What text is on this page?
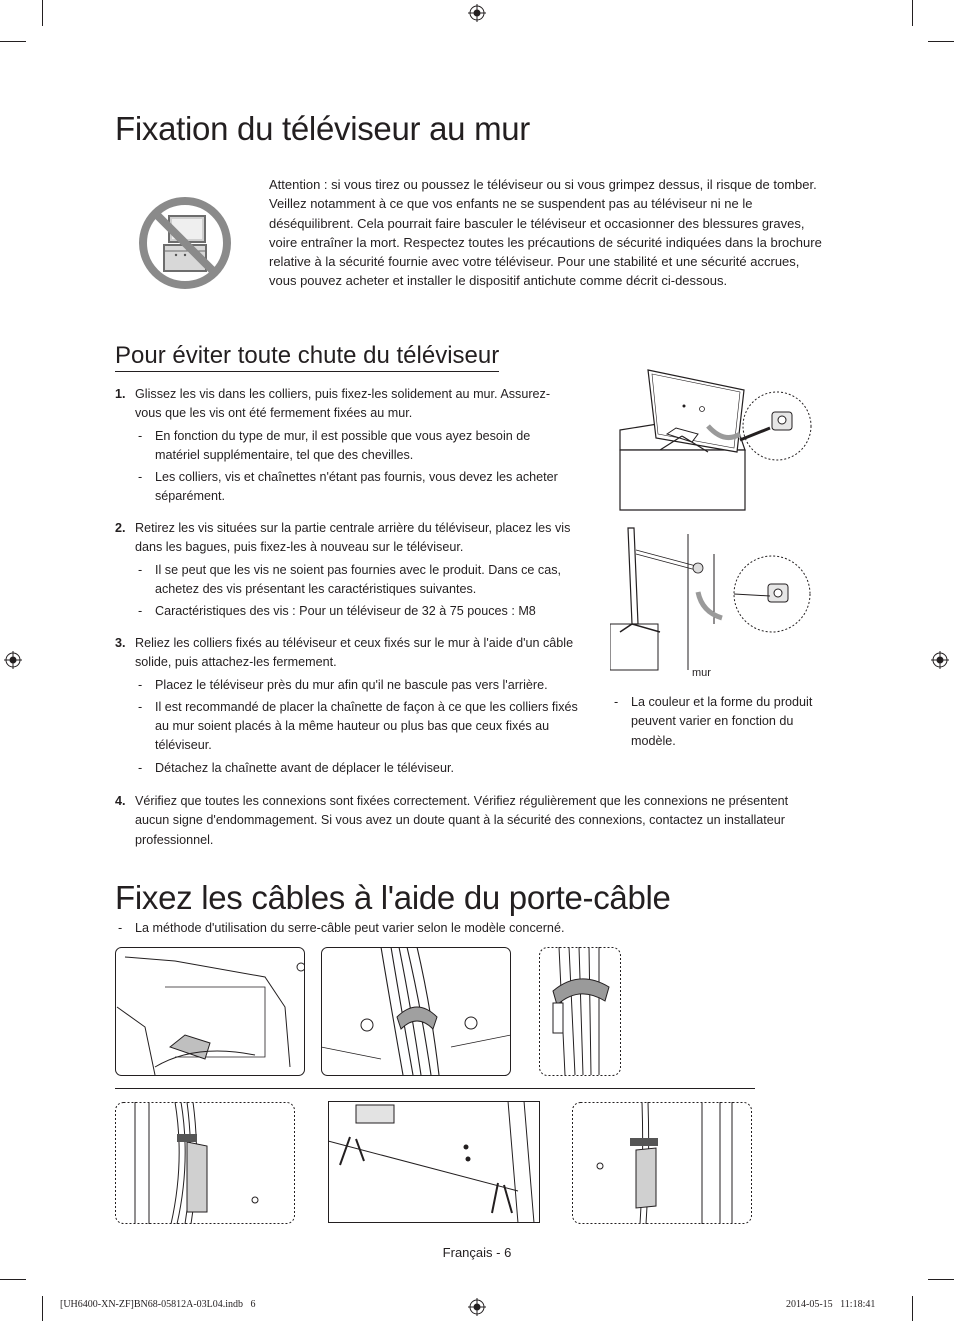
Fixation du téléviseur au mur
Attention : si vous tirez ou poussez le téléviseur ou si vous grimpez dessus, il risque de tomber. Veillez notamment à ce que vos enfants ne se suspendent pas au téléviseur ni ne le déséquilibrent. Cela pourrait faire basculer le téléviseur et occasionner des blessures graves, voire entraîner la mort. Respectez toutes les précautions de sécurité indiquées dans la brochure relative à la sécurité fournie avec votre téléviseur. Pour une stabilité et une sécurité accrues, vous pouvez acheter et installer le dispositif antichute comme décrit ci-dessous.
Pour éviter toute chute du téléviseur
1. Glissez les vis dans les colliers, puis fixez-les solidement au mur. Assurez-vous que les vis ont été fermement fixées au mur.
- En fonction du type de mur, il est possible que vous ayez besoin de matériel supplémentaire, tel que des chevilles.
- Les colliers, vis et chaînettes n'étant pas fournis, vous devez les acheter séparément.
2. Retirez les vis situées sur la partie centrale arrière du téléviseur, placez les vis dans les bagues, puis fixez-les à nouveau sur le téléviseur.
- Il se peut que les vis ne soient pas fournies avec le produit. Dans ce cas, achetez des vis présentant les caractéristiques suivantes.
- Caractéristiques des vis : Pour un téléviseur de 32 à 75 pouces : M8
3. Reliez les colliers fixés au téléviseur et ceux fixés sur le mur à l'aide d'un câble solide, puis attachez-les fermement.
- Placez le téléviseur près du mur afin qu'il ne bascule pas vers l'arrière.
- Il est recommandé de placer la chaînette de façon à ce que les colliers fixés au mur soient placés à la même hauteur ou plus bas que ceux fixés au téléviseur.
- Détachez la chaînette avant de déplacer le téléviseur.
4. Vérifiez que toutes les connexions sont fixées correctement. Vérifiez régulièrement que les connexions ne présentent aucun signe d'endommagement. Si vous avez un doute quant à la sécurité des connexions, contactez un installateur professionnel.
mur
- La couleur et la forme du produit peuvent varier en fonction du modèle.
Fixez les câbles à l'aide du porte-câble
- La méthode d'utilisation du serre-câble peut varier selon le modèle concerné.
Français - 6
[UH6400-XN-ZF]BN68-05812A-03L04.indb   6	2014-05-15   11:18:41
